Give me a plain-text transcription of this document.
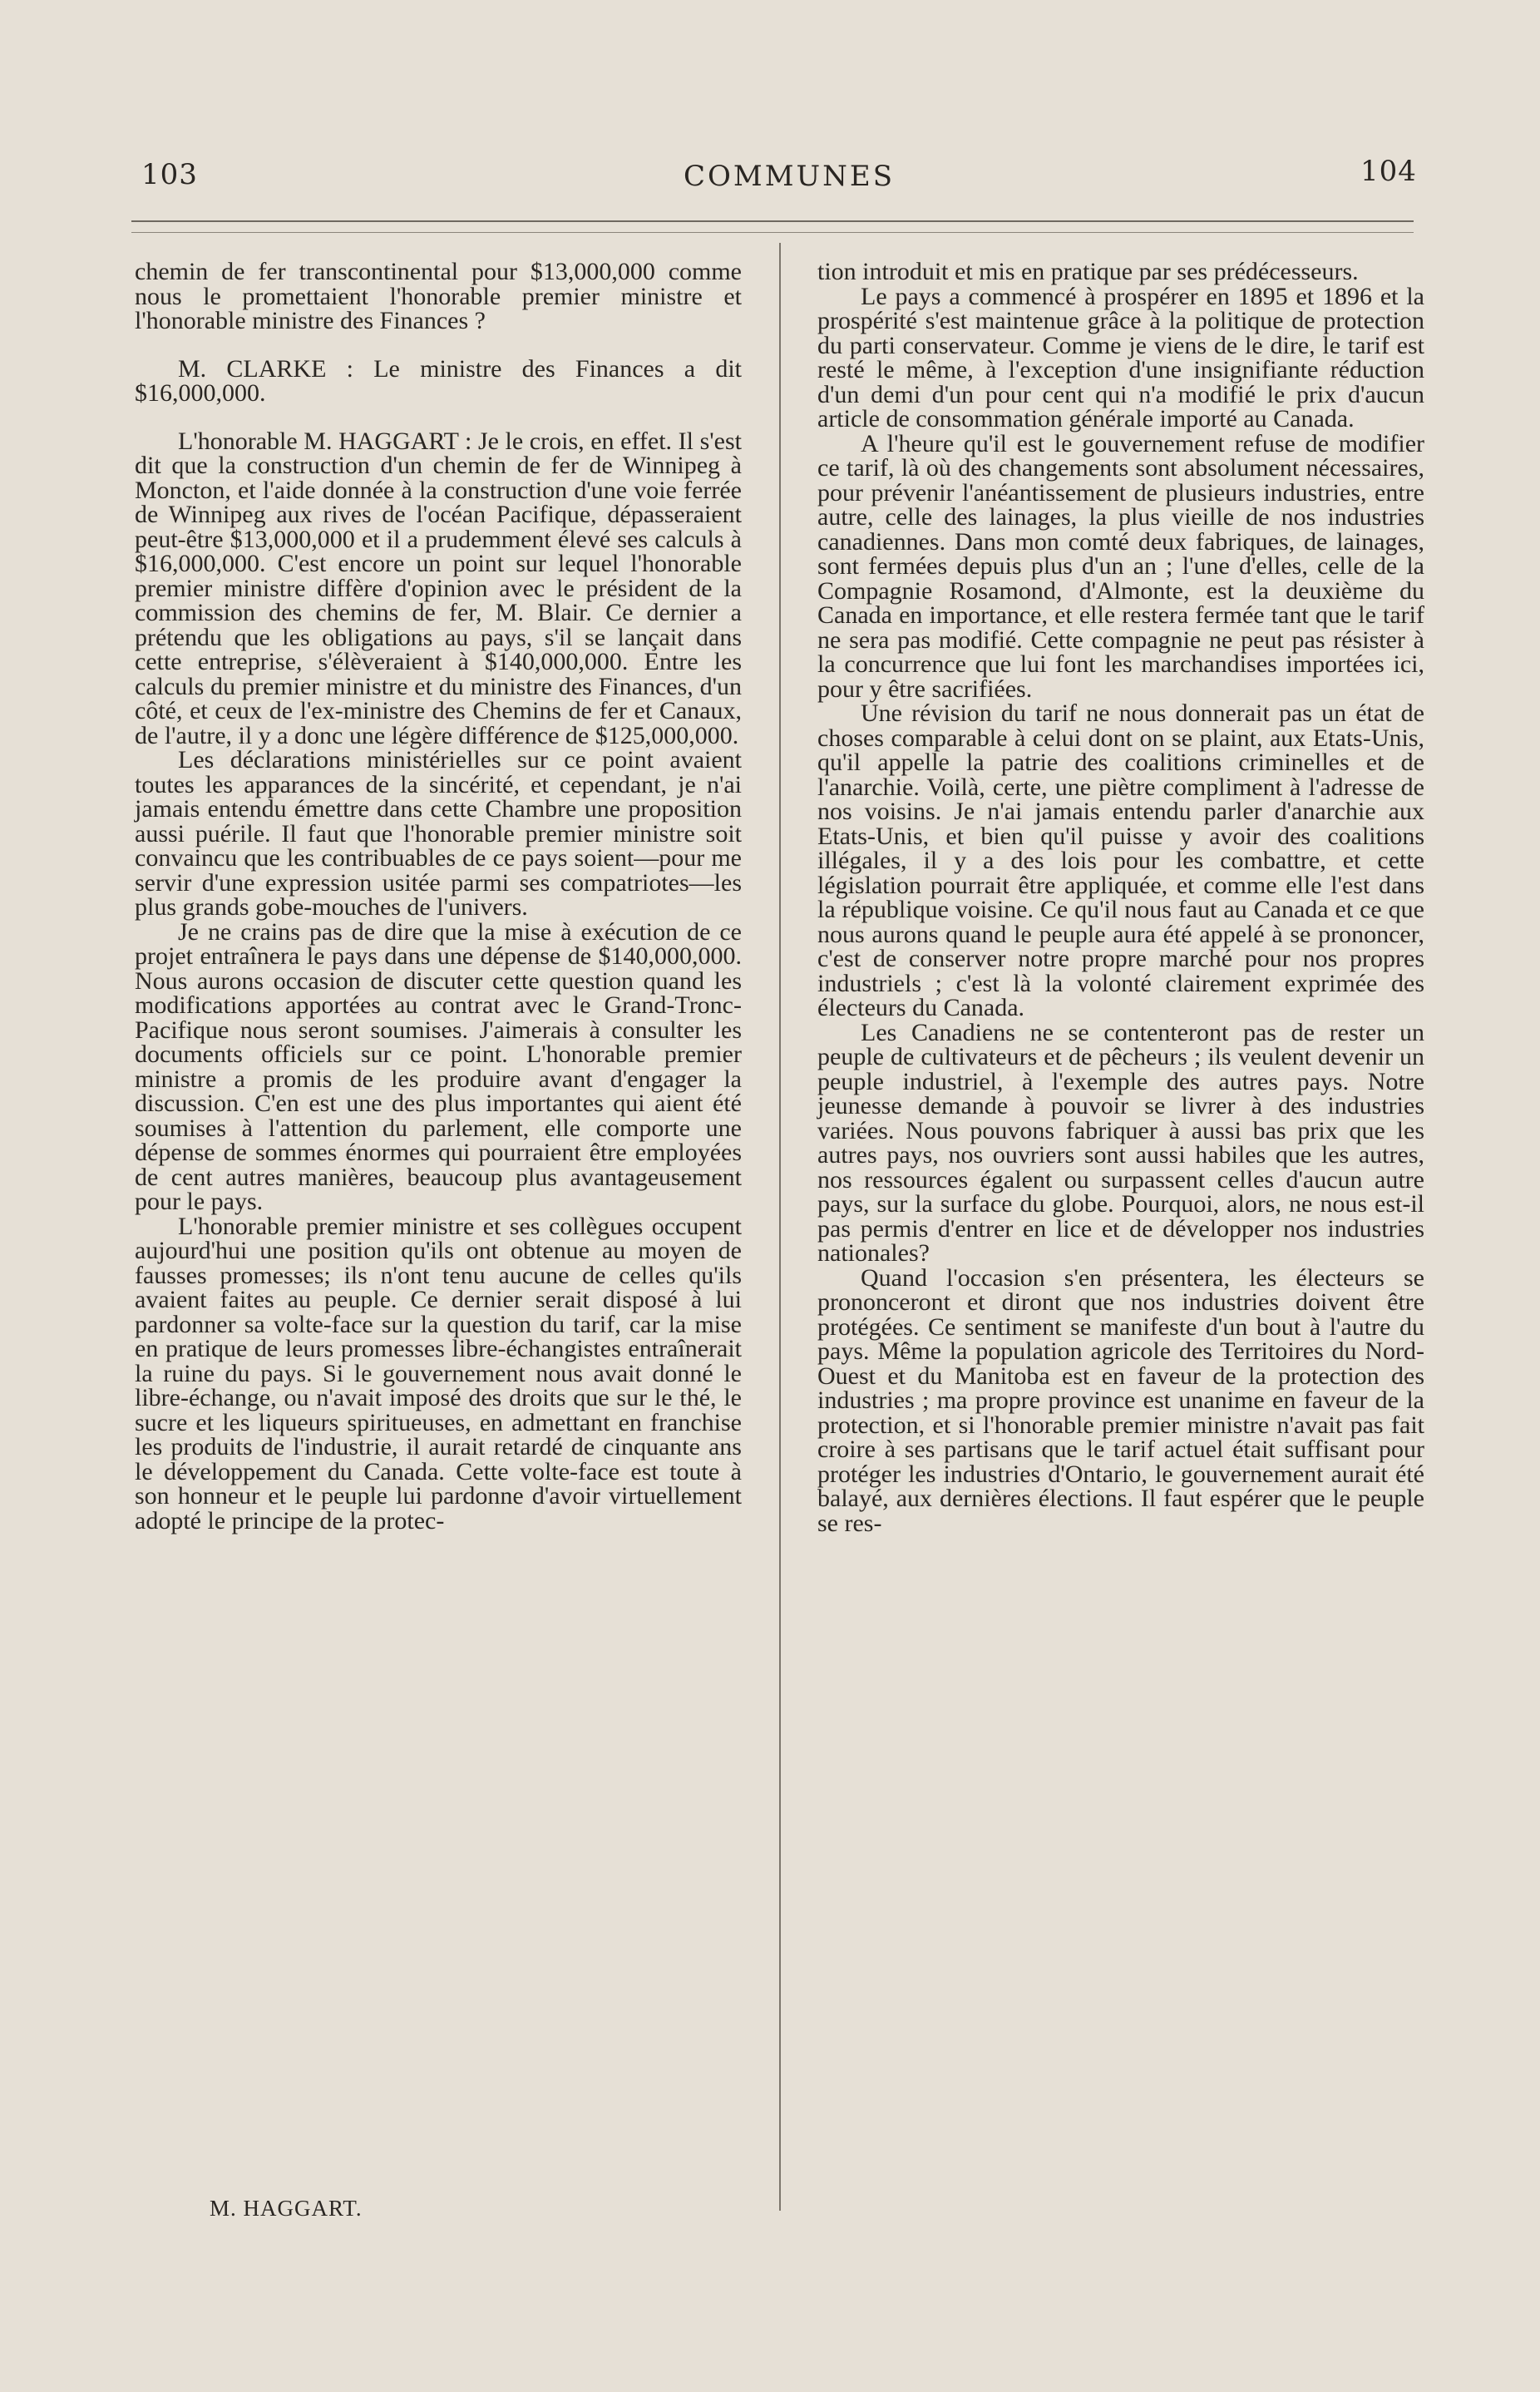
103	COMMUNES	104

chemin de fer transcontinental pour $13,000,000 comme nous le promettaient l'honorable premier ministre et l'honorable ministre des Finances ?

M. CLARKE : Le ministre des Finances a dit $16,000,000.

L'honorable M. HAGGART : Je le crois, en effet. Il s'est dit que la construction d'un chemin de fer de Winnipeg à Moncton, et l'aide donnée à la construction d'une voie ferrée de Winnipeg aux rives de l'océan Pacifique, dépasseraient peut-être $13,000,000 et il a prudemment élevé ses calculs à $16,000,000. C'est encore un point sur lequel l'honorable premier ministre diffère d'opinion avec le président de la commission des chemins de fer, M. Blair. Ce dernier a prétendu que les obligations au pays, s'il se lançait dans cette entreprise, s'élèveraient à $140,000,000. Entre les calculs du premier ministre et du ministre des Finances, d'un côté, et ceux de l'ex-ministre des Chemins de fer et Canaux, de l'autre, il y a donc une légère différence de $125,000,000.

Les déclarations ministérielles sur ce point avaient toutes les apparances de la sincérité, et cependant, je n'ai jamais entendu émettre dans cette Chambre une proposition aussi puérile. Il faut que l'honorable premier ministre soit convaincu que les contribuables de ce pays soient—pour me servir d'une expression usitée parmi ses compatriotes—les plus grands gobe-mouches de l'univers.

Je ne crains pas de dire que la mise à exécution de ce projet entraînera le pays dans une dépense de $140,000,000. Nous aurons occasion de discuter cette question quand les modifications apportées au contrat avec le Grand-Tronc-Pacifique nous seront soumises. J'aimerais à consulter les documents officiels sur ce point. L'honorable premier ministre a promis de les produire avant d'engager la discussion. C'en est une des plus importantes qui aient été soumises à l'attention du parlement, elle comporte une dépense de sommes énormes qui pourraient être employées de cent autres manières, beaucoup plus avantageusement pour le pays.

L'honorable premier ministre et ses collègues occupent aujourd'hui une position qu'ils ont obtenue au moyen de fausses promesses; ils n'ont tenu aucune de celles qu'ils avaient faites au peuple. Ce dernier serait disposé à lui pardonner sa volte-face sur la question du tarif, car la mise en pratique de leurs promesses libre-échangistes entraînerait la ruine du pays. Si le gouvernement nous avait donné le libre-échange, ou n'avait imposé des droits que sur le thé, le sucre et les liqueurs spiritueuses, en admettant en franchise les produits de l'industrie, il aurait retardé de cinquante ans le développement du Canada. Cette volte-face est toute à son honneur et le peuple lui pardonne d'avoir virtuellement adopté le principe de la protec-

tion introduit et mis en pratique par ses prédécesseurs.

Le pays a commencé à prospérer en 1895 et 1896 et la prospérité s'est maintenue grâce à la politique de protection du parti conservateur. Comme je viens de le dire, le tarif est resté le même, à l'exception d'une insignifiante réduction d'un demi d'un pour cent qui n'a modifié le prix d'aucun article de consommation générale importé au Canada.

A l'heure qu'il est le gouvernement refuse de modifier ce tarif, là où des changements sont absolument nécessaires, pour prévenir l'anéantissement de plusieurs industries, entre autre, celle des lainages, la plus vieille de nos industries canadiennes. Dans mon comté deux fabriques, de lainages, sont fermées depuis plus d'un an ; l'une d'elles, celle de la Compagnie Rosamond, d'Almonte, est la deuxième du Canada en importance, et elle restera fermée tant que le tarif ne sera pas modifié. Cette compagnie ne peut pas résister à la concurrence que lui font les marchandises importées ici, pour y être sacrifiées.

Une révision du tarif ne nous donnerait pas un état de choses comparable à celui dont on se plaint, aux Etats-Unis, qu'il appelle la patrie des coalitions criminelles et de l'anarchie. Voilà, certe, une piètre compliment à l'adresse de nos voisins. Je n'ai jamais entendu parler d'anarchie aux Etats-Unis, et bien qu'il puisse y avoir des coalitions illégales, il y a des lois pour les combattre, et cette législation pourrait être appliquée, et comme elle l'est dans la république voisine. Ce qu'il nous faut au Canada et ce que nous aurons quand le peuple aura été appelé à se prononcer, c'est de conserver notre propre marché pour nos propres industriels ; c'est là la volonté clairement exprimée des électeurs du Canada.

Les Canadiens ne se contenteront pas de rester un peuple de cultivateurs et de pêcheurs ; ils veulent devenir un peuple industriel, à l'exemple des autres pays. Notre jeunesse demande à pouvoir se livrer à des industries variées. Nous pouvons fabriquer à aussi bas prix que les autres pays, nos ouvriers sont aussi habiles que les autres, nos ressources égalent ou surpassent celles d'aucun autre pays, sur la surface du globe. Pourquoi, alors, ne nous est-il pas permis d'entrer en lice et de développer nos industries nationales?

Quand l'occasion s'en présentera, les électeurs se prononceront et diront que nos industries doivent être protégées. Ce sentiment se manifeste d'un bout à l'autre du pays. Même la population agricole des Territoires du Nord-Ouest et du Manitoba est en faveur de la protection des industries ; ma propre province est unanime en faveur de la protection, et si l'honorable premier ministre n'avait pas fait croire à ses partisans que le tarif actuel était suffisant pour protéger les industries d'Ontario, le gouvernement aurait été balayé, aux dernières élections. Il faut espérer que le peuple se res-

M. HAGGART.
